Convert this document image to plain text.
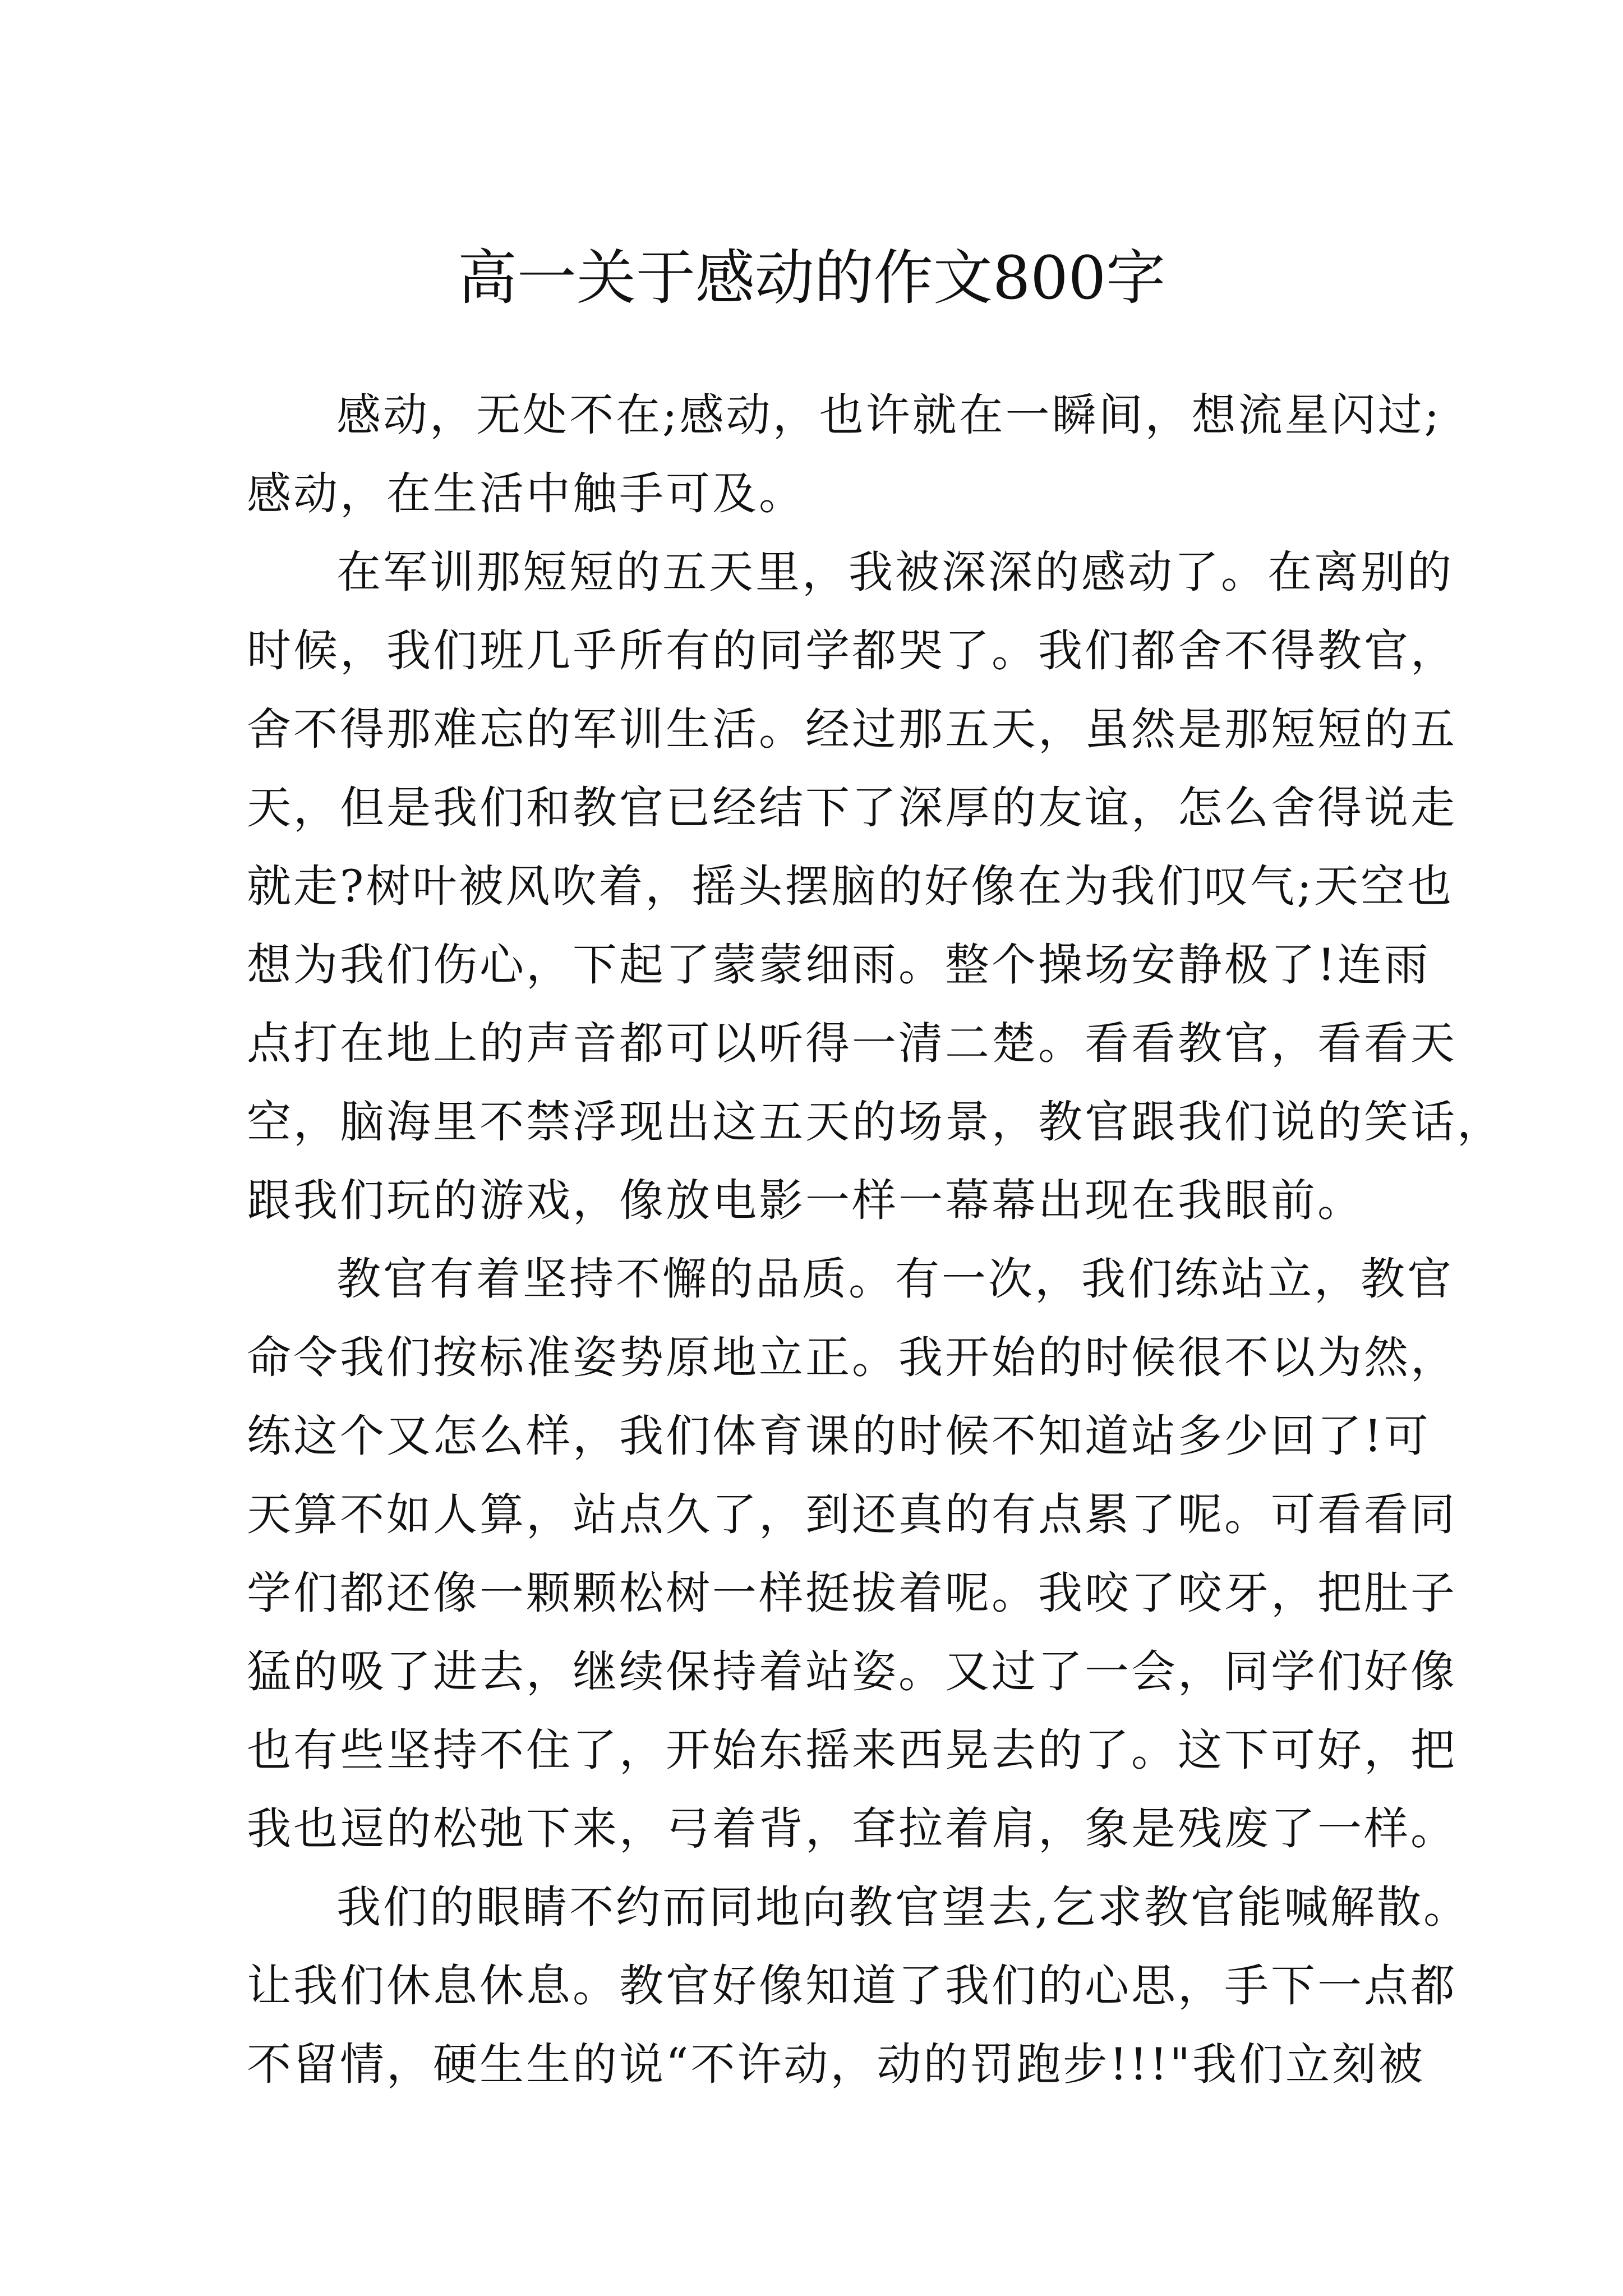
高一关于感动的作文800字
感动，无处不在;感动，也许就在一瞬间，想流星闪过;
感动，在生活中触手可及。
在军训那短短的五天里，我被深深的感动了。在离别的
时候，我们班几乎所有的同学都哭了。我们都舍不得教官，
舍不得那难忘的军训生活。经过那五天，虽然是那短短的五
天，但是我们和教官已经结下了深厚的友谊，怎么舍得说走
就走?树叶被风吹着，摇头摆脑的好像在为我们叹气;天空也
想为我们伤心，下起了蒙蒙细雨。整个操场安静极了!连雨
点打在地上的声音都可以听得一清二楚。看看教官，看看天
空，脑海里不禁浮现出这五天的场景，教官跟我们说的笑话，
跟我们玩的游戏，像放电影一样一幕幕出现在我眼前。
教官有着坚持不懈的品质。有一次，我们练站立，教官
命令我们按标准姿势原地立正。我开始的时候很不以为然，
练这个又怎么样，我们体育课的时候不知道站多少回了!可
天算不如人算，站点久了，到还真的有点累了呢。可看看同
学们都还像一颗颗松树一样挺拔着呢。我咬了咬牙，把肚子
猛的吸了进去，继续保持着站姿。又过了一会，同学们好像
也有些坚持不住了，开始东摇来西晃去的了。这下可好，把
我也逗的松弛下来，弓着背，耷拉着肩，象是残废了一样。
我们的眼睛不约而同地向教官望去,乞求教官能喊解散。
让我们休息休息。教官好像知道了我们的心思，手下一点都
不留情，硬生生的说“不许动，动的罚跑步!!!"我们立刻被
